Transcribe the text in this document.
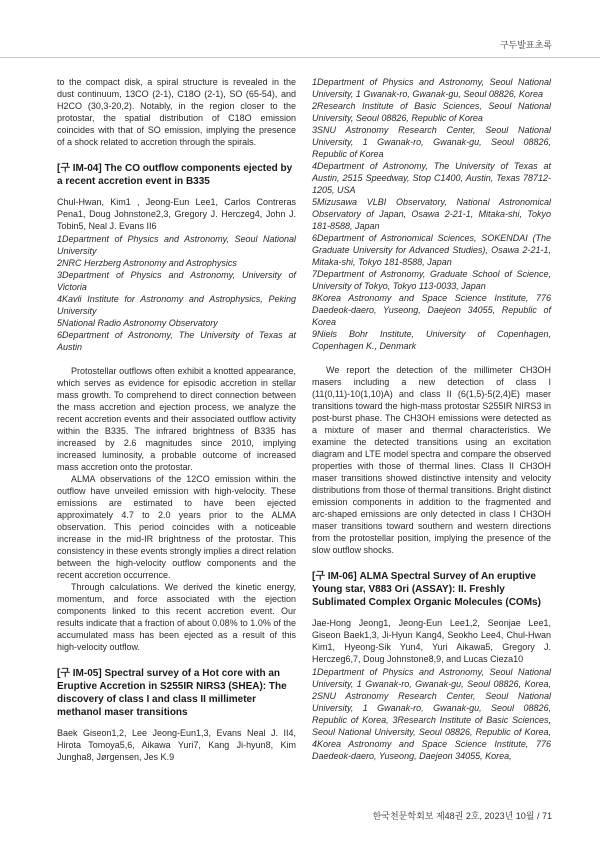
구두발표초록

to the compact disk, a spiral structure is revealed in the dust continuum, 13CO (2-1), C18O (2-1), SO (65-54), and H2CO (30,3-20,2). Notably, in the region closer to the protostar, the spatial distribution of C18O emission coincides with that of SO emission, implying the presence of a shock related to accretion through the spirals.

[구 IM-04] The CO outflow components ejected by a recent accretion event in B335

Chul-Hwan, Kim1 , Jeong-Eun Lee1, Carlos Contreras Pena1, Doug Johnstone2,3, Gregory J. Herczeg4, John J. Tobin5, Neal J. Evans II6

1Department of Physics and Astronomy, Seoul National University

2NRC Herzberg Astronomy and Astrophysics

3Department of Physics and Astronomy, University of Victoria

4Kavli Institute for Astronomy and Astrophysics, Peking University

5National Radio Astronomy Observatory

6Department of Astronomy, The University of Texas at Austin

Protostellar outflows often exhibit a knotted appearance, which serves as evidence for episodic accretion in stellar mass growth. To comprehend to direct connection between the mass accretion and ejection process, we analyze the recent accretion events and their associated outflow activity within the B335. The infrared brightness of B335 has increased by 2.6 magnitudes since 2010, implying increased luminosity, a probable outcome of increased mass accretion onto the protostar.

ALMA observations of the 12CO emission within the outflow have unveiled emission with high-velocity. These emissions are estimated to have been ejected approximately 4.7 to 2.0 years prior to the ALMA observation. This period coincides with a noticeable increase in the mid-IR brightness of the protostar. This consistency in these events strongly implies a direct relation between the high-velocity outflow components and the recent accretion occurrence.

Through calculations. We derived the kinetic energy, momentum, and force associated with the ejection components linked to this recent accretion event. Our results indicate that a fraction of about 0.08% to 1.0% of the accumulated mass has been ejected as a result of this high-velocity outflow.

[구 IM-05] Spectral survey of a Hot core with an Eruptive Accretion in S255IR NIRS3 (SHEA): The discovery of class I and class II millimeter methanol maser transitions

Baek Giseon1,2, Lee Jeong-Eun1,3, Evans Neal J. II4, Hirota Tomoya5,6, Aikawa Yuri7, Kang Ji-hyun8, Kim Jungha8, Jørgensen, Jes K.9

1Department of Physics and Astronomy, Seoul National University, 1 Gwanak-ro, Gwanak-gu, Seoul 08826, Korea

2Research Institute of Basic Sciences, Seoul National University, Seoul 08826, Republic of Korea

3SNU Astronomy Research Center, Seoul National University, 1 Gwanak-ro, Gwanak-gu, Seoul 08826, Republic of Korea

4Department of Astronomy, The University of Texas at Austin, 2515 Speedway, Stop C1400, Austin, Texas 78712-1205, USA

5Mizusawa VLBI Observatory, National Astronomical Observatory of Japan, Osawa 2-21-1, Mitaka-shi, Tokyo 181-8588, Japan

6Department of Astronomical Sciences, SOKENDAI (The Graduate University for Advanced Studies), Osawa 2-21-1, Mitaka-shi, Tokyo 181-8588, Japan

7Department of Astronomy, Graduate School of Science, University of Tokyo, Tokyo 113-0033, Japan

8Korea Astronomy and Space Science Institute, 776 Daedeok-daero, Yuseong, Daejeon 34055, Republic of Korea

9Niels Bohr Institute, University of Copenhagen, Copenhagen K., Denmark

We report the detection of the millimeter CH3OH masers including a new detection of class I (11(0,11)-10(1,10)A) and class II (6(1,5)-5(2,4)E) maser transitions toward the high-mass protostar S255IR NIRS3 in post-burst phase. The CH3OH emissions were detected as a mixture of maser and thermal characteristics. We examine the detected transitions using an excitation diagram and LTE model spectra and compare the observed properties with those of thermal lines. Class II CH3OH maser transitions showed distinctive intensity and velocity distributions from those of thermal transitions. Bright distinct emission components in addition to the fragmented and arc-shaped emissions are only detected in class I CH3OH maser transitions toward southern and western directions from the protostellar position, implying the presence of the slow outflow shocks.

[구 IM-06] ALMA Spectral Survey of An eruptive Young star, V883 Ori (ASSAY): II. Freshly Sublimated Complex Organic Molecules (COMs)

Jae-Hong Jeong1, Jeong-Eun Lee1,2, Seonjae Lee1, Giseon Baek1,3, Ji-Hyun Kang4, Seokho Lee4, Chul-Hwan Kim1, Hyeong-Sik Yun4, Yuri Aikawa5, Gregory J. Herczeg6,7, Doug Johnstone8,9, and Lucas Cieza10

1Department of Physics and Astronomy, Seoul National University, 1 Gwanak-ro, Gwanak-gu, Seoul 08826, Korea, 2SNU Astronomy Research Center, Seoul National University, 1 Gwanak-ro, Gwanak-gu, Seoul 08826, Republic of Korea, 3Research Institute of Basic Sciences, Seoul National University, Seoul 08826, Republic of Korea, 4Korea Astronomy and Space Science Institute, 776 Daedeok-daero, Yuseong, Daejeon 34055, Korea,

한국천문학회보 제48권 2호, 2023년 10월 / 71
